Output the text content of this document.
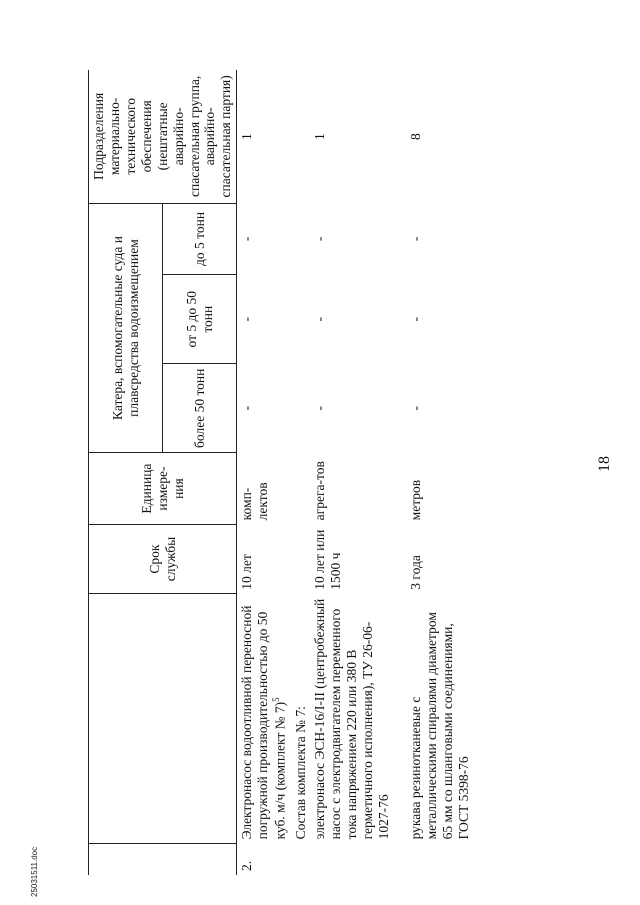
18
25031511.doc
		Срок службы	Единица измере-ния	Катера, вспомогательные суда и плавсредства водоизмещением			Подразделения материально-технического обеспечения (нештатные аварийно-спасательная группа, аварийно-спасательная партия)
				более 50 тонн	от 5 до 50 тонн	до 5 тонн	
2.	Электронасос водоотливной переносной погружной производительностью до 50 куб. м/ч (комплект № 7)$^5$	10 лет	комп-лектов	-	-	-	1
	Состав комплекта № 7:						
	электронасос ЭСН-16/I-II (центробежный насос с электродвигателем переменного тока напряжением 220 или 380 В герметичного исполнения), ТУ 26-06-1027-76	10 лет или 1500 ч	агрега-тов	-	-	-	1
	рукава резинотканевые с металлическими спиралями диаметром 65 мм со шланговыми соединениями, ГОСТ 5398-76	3 года	метров	-	-	-	8
